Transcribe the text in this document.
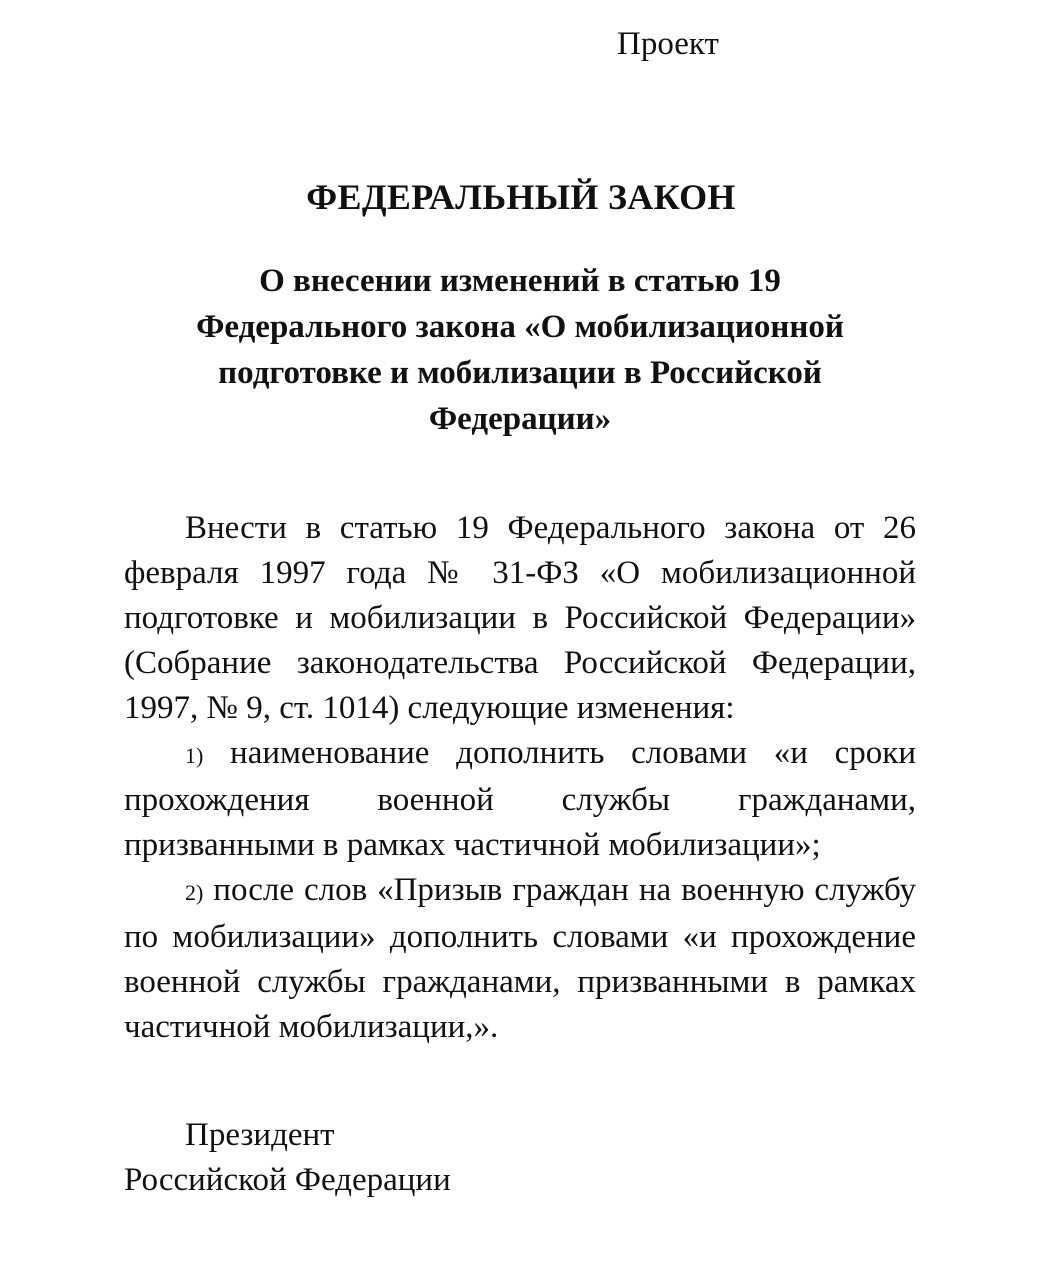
Проект
ФЕДЕРАЛЬНЫЙ ЗАКОН
О внесении изменений в статью 19
Федерального закона «О мобилизационной
подготовке и мобилизации в Российской
Федерации»

Внести в статью 19 Федерального закона от 26 февраля 1997 года № 31-ФЗ «О мобилизационной подготовке и мобилизации в Российской Федерации» (Собрание законодательства Российской Федерации, 1997, № 9, ст. 1014) следующие изменения:

1) наименование дополнить словами «и сроки прохождения военной службы гражданами, призванными в рамках частичной мобилизации»;

2) после слов «Призыв граждан на военную службу по мобилизации» дополнить словами «и прохождение военной службы гражданами, призванными в рамках частичной мобилизации,».

Президент
Российской Федерации
